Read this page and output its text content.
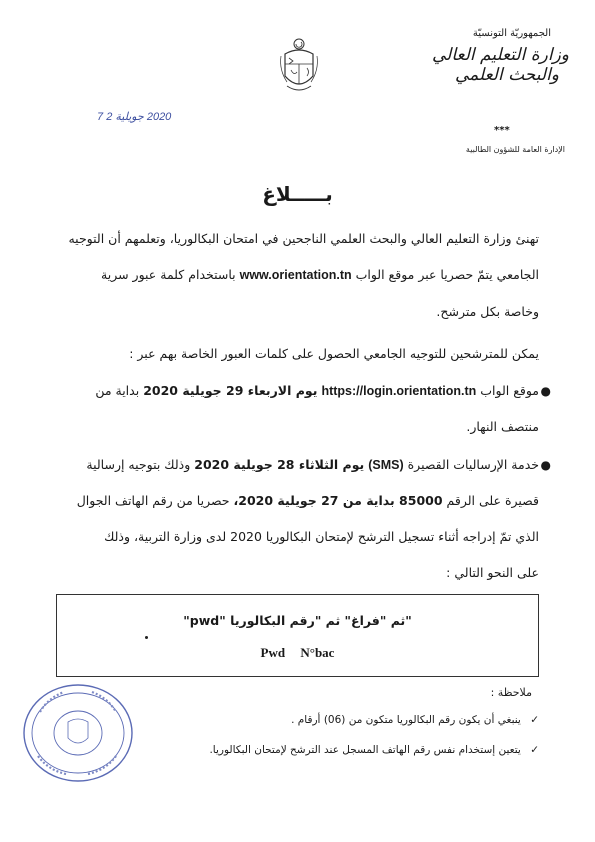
الجمهوريّة التونسيّة
وزارة التعليم العالي
والبحث العلمي
2020 جويلية 2 7
***
الإدارة العامة للشؤون الطالبية
بـــــلاغ
تهنئ وزارة التعليم العالي والبحث العلمي الناجحين في امتحان البكالوريا، وتعلمهم أن التوجيه
الجامعي يتمّ حصريا عبر موقع الواب www.orientation.tn باستخدام كلمة عبور سرية
وخاصة بكل مترشح.
يمكن للمترشحين للتوجيه الجامعي الحصول على كلمات العبور الخاصة بهم عبر :
●
موقع الواب https://login.orientation.tn يوم الاربعاء 29 جويلية 2020 بداية من
منتصف النهار.
●
خدمة الإرساليات القصيرة (SMS) يوم الثلاثاء 28 جويلية 2020 وذلك بتوجيه إرسالية
قصيرة على الرقم 85000 بداية من 27 جويلية 2020، حصريا من رقم الهاتف الجوال
الذي تمّ إدراجه أثناء تسجيل الترشح لإمتحان البكالوريا 2020 لدى وزارة التربية، وذلك
على النحو التالي :
"pwd" ثم "فراغ" ثم "رقم البكالوريا"
Pwd N°bac
ملاحظة :
✓ ينبغي أن يكون رقم البكالوريا متكون من (06) أرقام .
✓ يتعين إستخدام نفس رقم الهاتف المسجل عند الترشح لإمتحان البكالوريا.
